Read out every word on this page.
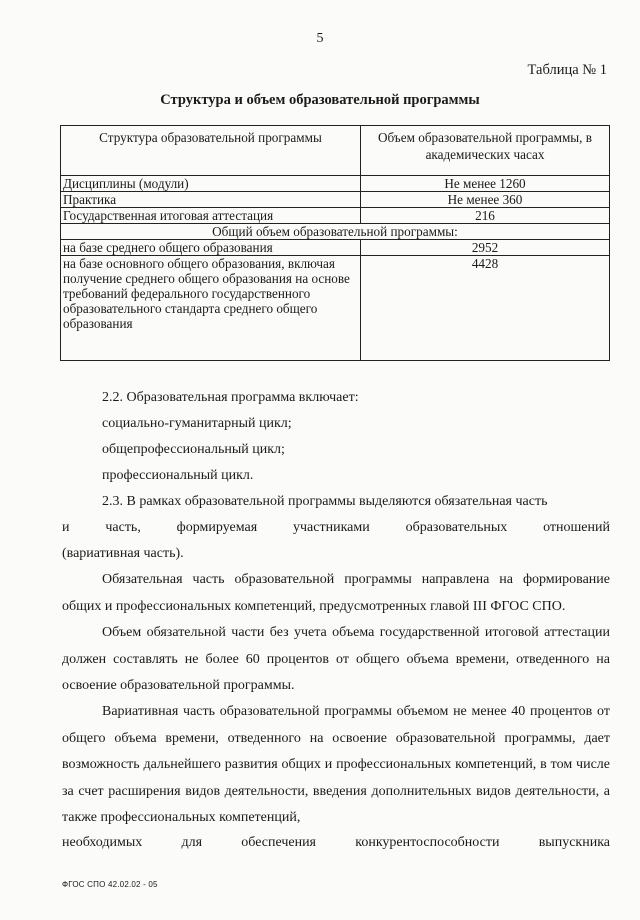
5
Таблица № 1
Структура и объем образовательной программы
Структура образовательной программы	Объем образовательной программы, в академических часах
Дисциплины (модули)	Не менее 1260
Практика	Не менее 360
Государственная итоговая аттестация	216
Общий объем образовательной программы:	
на базе среднего общего образования	2952
на базе основного общего образования, включая получение среднего общего образования на основе требований федерального государственного образовательного стандарта среднего общего образования	4428
2.2. Образовательная программа включает:
социально-гуманитарный цикл;
общепрофессиональный цикл;
профессиональный цикл.
2.3. В рамках образовательной программы выделяются обязательная часть
и	часть,	формируемая	участниками	образовательных	отношений
(вариативная часть).
Обязательная часть образовательной программы направлена на формирование общих и профессиональных компетенций, предусмотренных главой III ФГОС СПО.
Объем обязательной части без учета объема государственной итоговой аттестации должен составлять не более 60 процентов от общего объема времени, отведенного на освоение образовательной программы.
Вариативная часть образовательной программы объемом не менее 40 процентов от общего объема времени, отведенного на освоение образовательной программы, дает возможность дальнейшего развития общих и профессиональных компетенций, в том числе за счет расширения видов деятельности, введения дополнительных видов деятельности, а также профессиональных компетенций,
необходимых	для	обеспечения	конкурентоспособности	выпускника
ФГОС СПО 42.02.02 - 05
